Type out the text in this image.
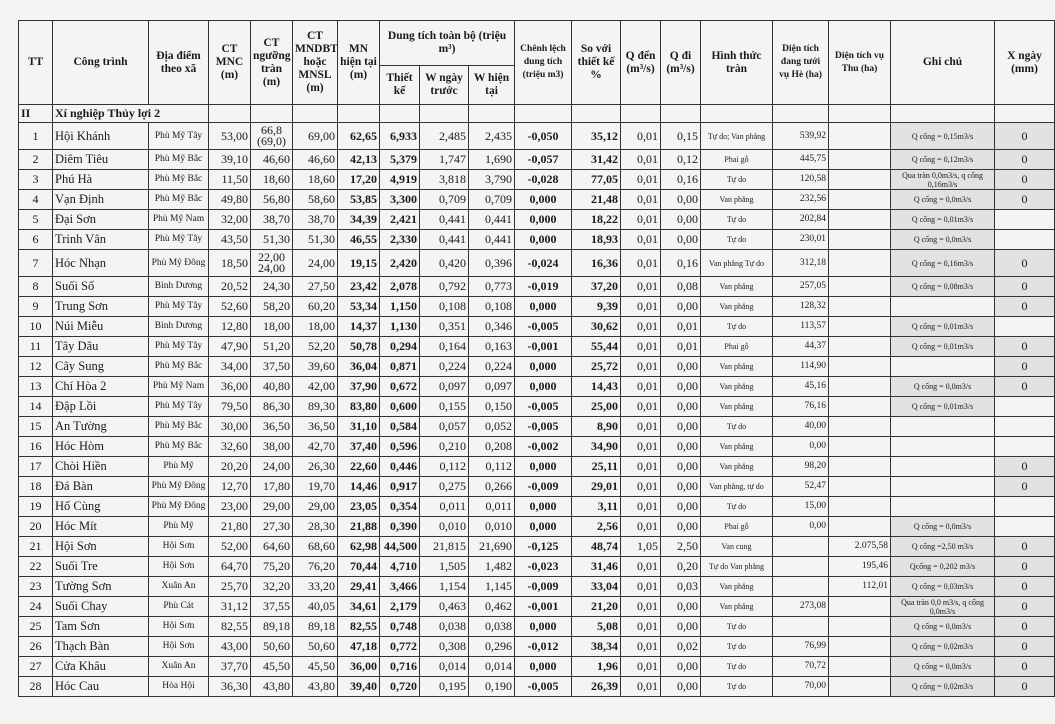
TT	Công trình	Địa điểm theo xã	CT MNC (m)	CT ngưỡng tràn (m)	CT MNDBT hoặc MNSL (m)	MN hiện tại (m)	Dung tích toàn bộ (triệu m³)			Chênh lệch dung tích (triệu m3)	So với thiết kế %	Q đến (m³/s)	Q đi (m³/s)	Hình thức tràn	Diện tích đang tưới vụ Hè (ha)	Diện tích vụ Thu (ha)	Ghi chú	X ngày (mm)
							Thiết kế	W ngày trước	W hiện tại									
II	Xí nghiệp Thủy lợi 2																	
1	Hội Khánh	Phù Mỹ Tây	53,00	66,8 (69,0)	69,00	62,65	6,933	2,485	2,435	-0,050	35,12	0,01	0,15	Tự do; Van phẳng	539,92		Q cống = 0,15m3/s	0
2	Diêm Tiêu	Phù Mỹ Bắc	39,10	46,60	46,60	42,13	5,379	1,747	1,690	-0,057	31,42	0,01	0,12	Phai gỗ	445,75		Q cống = 0,12m3/s	0
3	Phú Hà	Phù Mỹ Bắc	11,50	18,60	18,60	17,20	4,919	3,818	3,790	-0,028	77,05	0,01	0,16	Tự do	120,58		Qua tràn 0,0m3/s, q cống 0,16m3/s	0
4	Vạn Định	Phù Mỹ Bắc	49,80	56,80	58,60	53,85	3,300	0,709	0,709	0,000	21,48	0,01	0,00	Van phẳng	232,56		Q cống = 0,0m3/s	0
5	Đại Sơn	Phù Mỹ Nam	32,00	38,70	38,70	34,39	2,421	0,441	0,441	0,000	18,22	0,01	0,00	Tự do	202,84		Q cống = 0,01m3/s	
6	Trinh Vân	Phù Mỹ Tây	43,50	51,30	51,30	46,55	2,330	0,441	0,441	0,000	18,93	0,01	0,00	Tự do	230,01		Q cống = 0,0m3/s	
7	Hóc Nhạn	Phù Mỹ Đông	18,50	22,00 24,00	24,00	19,15	2,420	0,420	0,396	-0,024	16,36	0,01	0,16	Van phẳng Tự do	312,18		Q cống = 0,16m3/s	0
8	Suối Sổ	Bình Dương	20,52	24,30	27,50	23,42	2,078	0,792	0,773	-0,019	37,20	0,01	0,08	Van phẳng	257,05		Q cống = 0,08m3/s	0
9	Trung Sơn	Phù Mỹ Tây	52,60	58,20	60,20	53,34	1,150	0,108	0,108	0,000	9,39	0,01	0,00	Van phẳng	128,32			0
10	Núi Miễu	Bình Dương	12,80	18,00	18,00	14,37	1,130	0,351	0,346	-0,005	30,62	0,01	0,01	Tự do	113,57		Q cống = 0,01m3/s	
11	Tây Dâu	Phù Mỹ Tây	47,90	51,20	52,20	50,78	0,294	0,164	0,163	-0,001	55,44	0,01	0,01	Phai gỗ	44,37		Q cống = 0,01m3/s	0
12	Cây Sung	Phù Mỹ Bắc	34,00	37,50	39,60	36,04	0,871	0,224	0,224	0,000	25,72	0,01	0,00	Van phẳng	114,90			0
13	Chí Hòa 2	Phù Mỹ Nam	36,00	40,80	42,00	37,90	0,672	0,097	0,097	0,000	14,43	0,01	0,00	Van phẳng	45,16		Q cống = 0,0m3/s	0
14	Đập Lồi	Phù Mỹ Tây	79,50	86,30	89,30	83,80	0,600	0,155	0,150	-0,005	25,00	0,01	0,00	Van phẳng	76,16		Q cống = 0,01m3/s	
15	An Tường	Phù Mỹ Bắc	30,00	36,50	36,50	31,10	0,584	0,057	0,052	-0,005	8,90	0,01	0,00	Tự do	40,00			
16	Hóc Hòm	Phù Mỹ Bắc	32,60	38,00	42,70	37,40	0,596	0,210	0,208	-0,002	34,90	0,01	0,00	Van phẳng	0,00			
17	Chòi Hiền	Phù Mỹ	20,20	24,00	26,30	22,60	0,446	0,112	0,112	0,000	25,11	0,01	0,00	Van phẳng	98,20			0
18	Đá Bàn	Phù Mỹ Đông	12,70	17,80	19,70	14,46	0,917	0,275	0,266	-0,009	29,01	0,01	0,00	Van phẳng, tự do	52,47			0
19	Hố Cùng	Phù Mỹ Đông	23,00	29,00	29,00	23,05	0,354	0,011	0,011	0,000	3,11	0,01	0,00	Tự do	15,00			
20	Hóc Mít	Phù Mỹ	21,80	27,30	28,30	21,88	0,390	0,010	0,010	0,000	2,56	0,01	0,00	Phai gỗ	0,00		Q cống = 0,0m3/s	
21	Hội Sơn	Hội Sơn	52,00	64,60	68,60	62,98	44,500	21,815	21,690	-0,125	48,74	1,05	2,50	Van cung		2.075,58	Q cống =2,50 m3/s	0
22	Suối Tre	Hội Sơn	64,70	75,20	76,20	70,44	4,710	1,505	1,482	-0,023	31,46	0,01	0,20	Tự do Van phẳng		195,46	Qcống = 0,202 m3/s	0
23	Tường Sơn	Xuân An	25,70	32,20	33,20	29,41	3,466	1,154	1,145	-0,009	33,04	0,01	0,03	Van phẳng		112,01	Q cống = 0,03m3/s	0
24	Suối Chay	Phù Cát	31,12	37,55	40,05	34,61	2,179	0,463	0,462	-0,001	21,20	0,01	0,00	Van phẳng	273,08		Qua tràn 0,0 m3/s, q cống 0,0m3/s	0
25	Tam Sơn	Hội Sơn	82,55	89,18	89,18	82,55	0,748	0,038	0,038	0,000	5,08	0,01	0,00	Tự do			Q cống = 0,0m3/s	0
26	Thạch Bàn	Hội Sơn	43,00	50,60	50,60	47,18	0,772	0,308	0,296	-0,012	38,34	0,01	0,02	Tự do	76,99		Q cống = 0,02m3/s	0
27	Cửa Khâu	Xuân An	37,70	45,50	45,50	36,00	0,716	0,014	0,014	0,000	1,96	0,01	0,00	Tự do	70,72		Q cống = 0,0m3/s	0
28	Hóc Cau	Hòa Hội	36,30	43,80	43,80	39,40	0,720	0,195	0,190	-0,005	26,39	0,01	0,00	Tự do	70,00		Q cống = 0,02m3/s	0
